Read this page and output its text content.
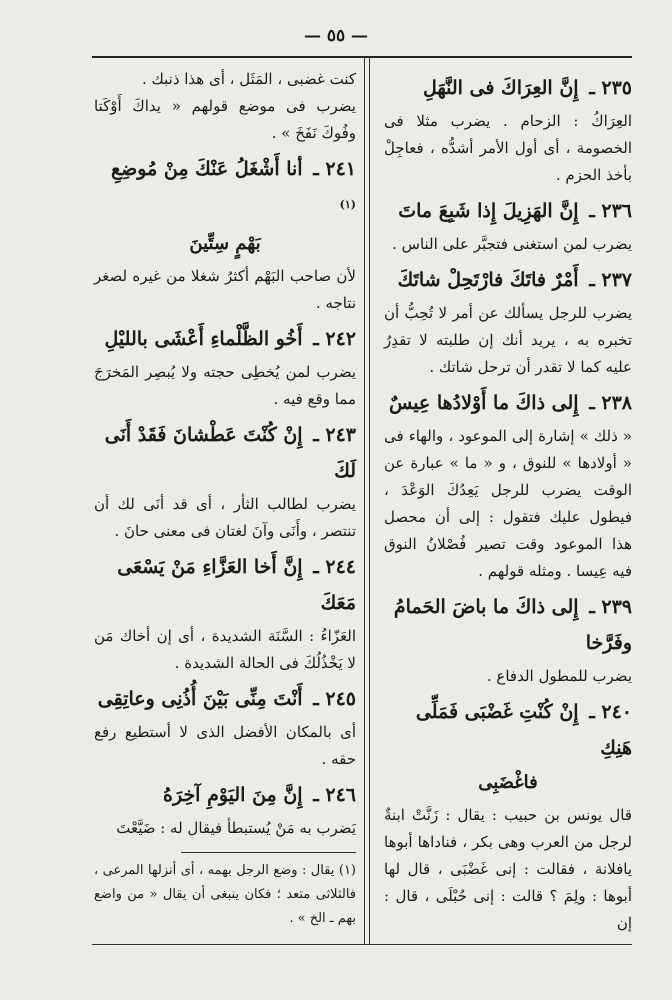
— ٥٥ —
٢٣٥ ـ إِنَّ العِرَاكَ فى النَّهَلِ

العِرَاكُ : الزحام . يضرب مثلا فى الخصومة ، أى أول الأمر أشدُّه ، فعاجِلْ بأخذ الحزم .

٢٣٦ ـ إِنَّ الهَزِيلَ إِذا شَبِعَ ماتَ

يضرب لمن استغنى فتجبَّر على الناس .

٢٣٧ ـ أَمْرٌ فاتَكَ فارْتَحِلْ شاتَكَ

يضرب للرجل يسألك عن أمر لا تُحِبُّ أن تخبره به ، يريد أنك إن طلبته لا تقدِرُ عليه كما لا تقدر أن ترحل شاتك .

٢٣٨ ـ إِلى ذاكَ ما أَوْلادُها عِيسٌ

« ذلك » إشارة إلى الموعود ، والهاء فى « أولادها » للنوق ، و « ما » عبارة عن الوقت يضرب للرجل يَعِدُكَ الوَعْدَ ، فيطول عليك فتقول : إلى أن محصل هذا الموعود وقت تصير فُصْلانُ النوق فيه عِيسا . ومثله قولهم .

٢٣٩ ـ إِلى ذاكَ ما باضَ الحَمامُ وفَرَّخا

يضرب للمطول الدفاع .

٢٤٠ ـ إِنْ كُنْتِ غَضْبَى فَمَلِّى هَنِكِ
فاغْضَبِى

قال يونس بن حبيب : يقال : زَنَّتْ ابنةٌ لرجل من العرب وهى بكر ، فناداها أبوها يافلانة ، فقالت : إنى غَضْبَى ، قال لها أبوها : ولِمَ ؟ قالت : إنى حُبْلَى ، قال : إن

كنت غضبى ، المَثَل ، أى هذا ذنبك .

يضرب فى موضع قولهم « يداكَ أَوْكَتا وفُوكَ نَفَخَ » .

٢٤١ ـ أنا أَشْغَلُ عَنْكَ مِنْ مُوضِعِ $^{(١)}$
بَهْمٍ سِتِّينَ

لأن صاحب البَهْم أكثرُ شغلا من غيره لصغر نتاجه .

٢٤٢ ـ أَخُو الظَّلْماءِ أَعْشَى بالليْلِ

يضرب لمن يُخطِى حجته ولا يُبصِر المَخرَجَ مما وقع فيه .

٢٤٣ ـ إِنْ كُنْتَ عَطْشانَ فَقَدْ أَنَى لَكَ

يضرب لطالب الثأر ، أى قد أنَى لك أن تنتصر ، وأَنَى وآنَ لغتان فى معنى حانَ .

٢٤٤ ـ إِنَّ أَخا العَزَّاءِ مَنْ يَسْعَى مَعَكَ

العَزّاءُ : السَّنَة الشديدة ، أى إن أخاك مَن لا يَخْذُلُكَ فى الحالة الشديدة .

٢٤٥ ـ أَنْتَ مِنِّى بَيْنَ أُذُنِى وعاتِقِى

أى بالمكان الأفضل الذى لا أستطيع رفع حقه .

٢٤٦ ـ إِنَّ مِنَ اليَوْمِ آخِرَهُ

يَضرب به مَنْ يُستبطأ فيقال له : ضَيَّعْتَ

(١) يقال : وضع الرجل بهمه ، أى أنزلها المرعى ، فالثلاثى متعد ؛ فكان ينبغى أن يقال « من واضع بهم ـ الخ » .
